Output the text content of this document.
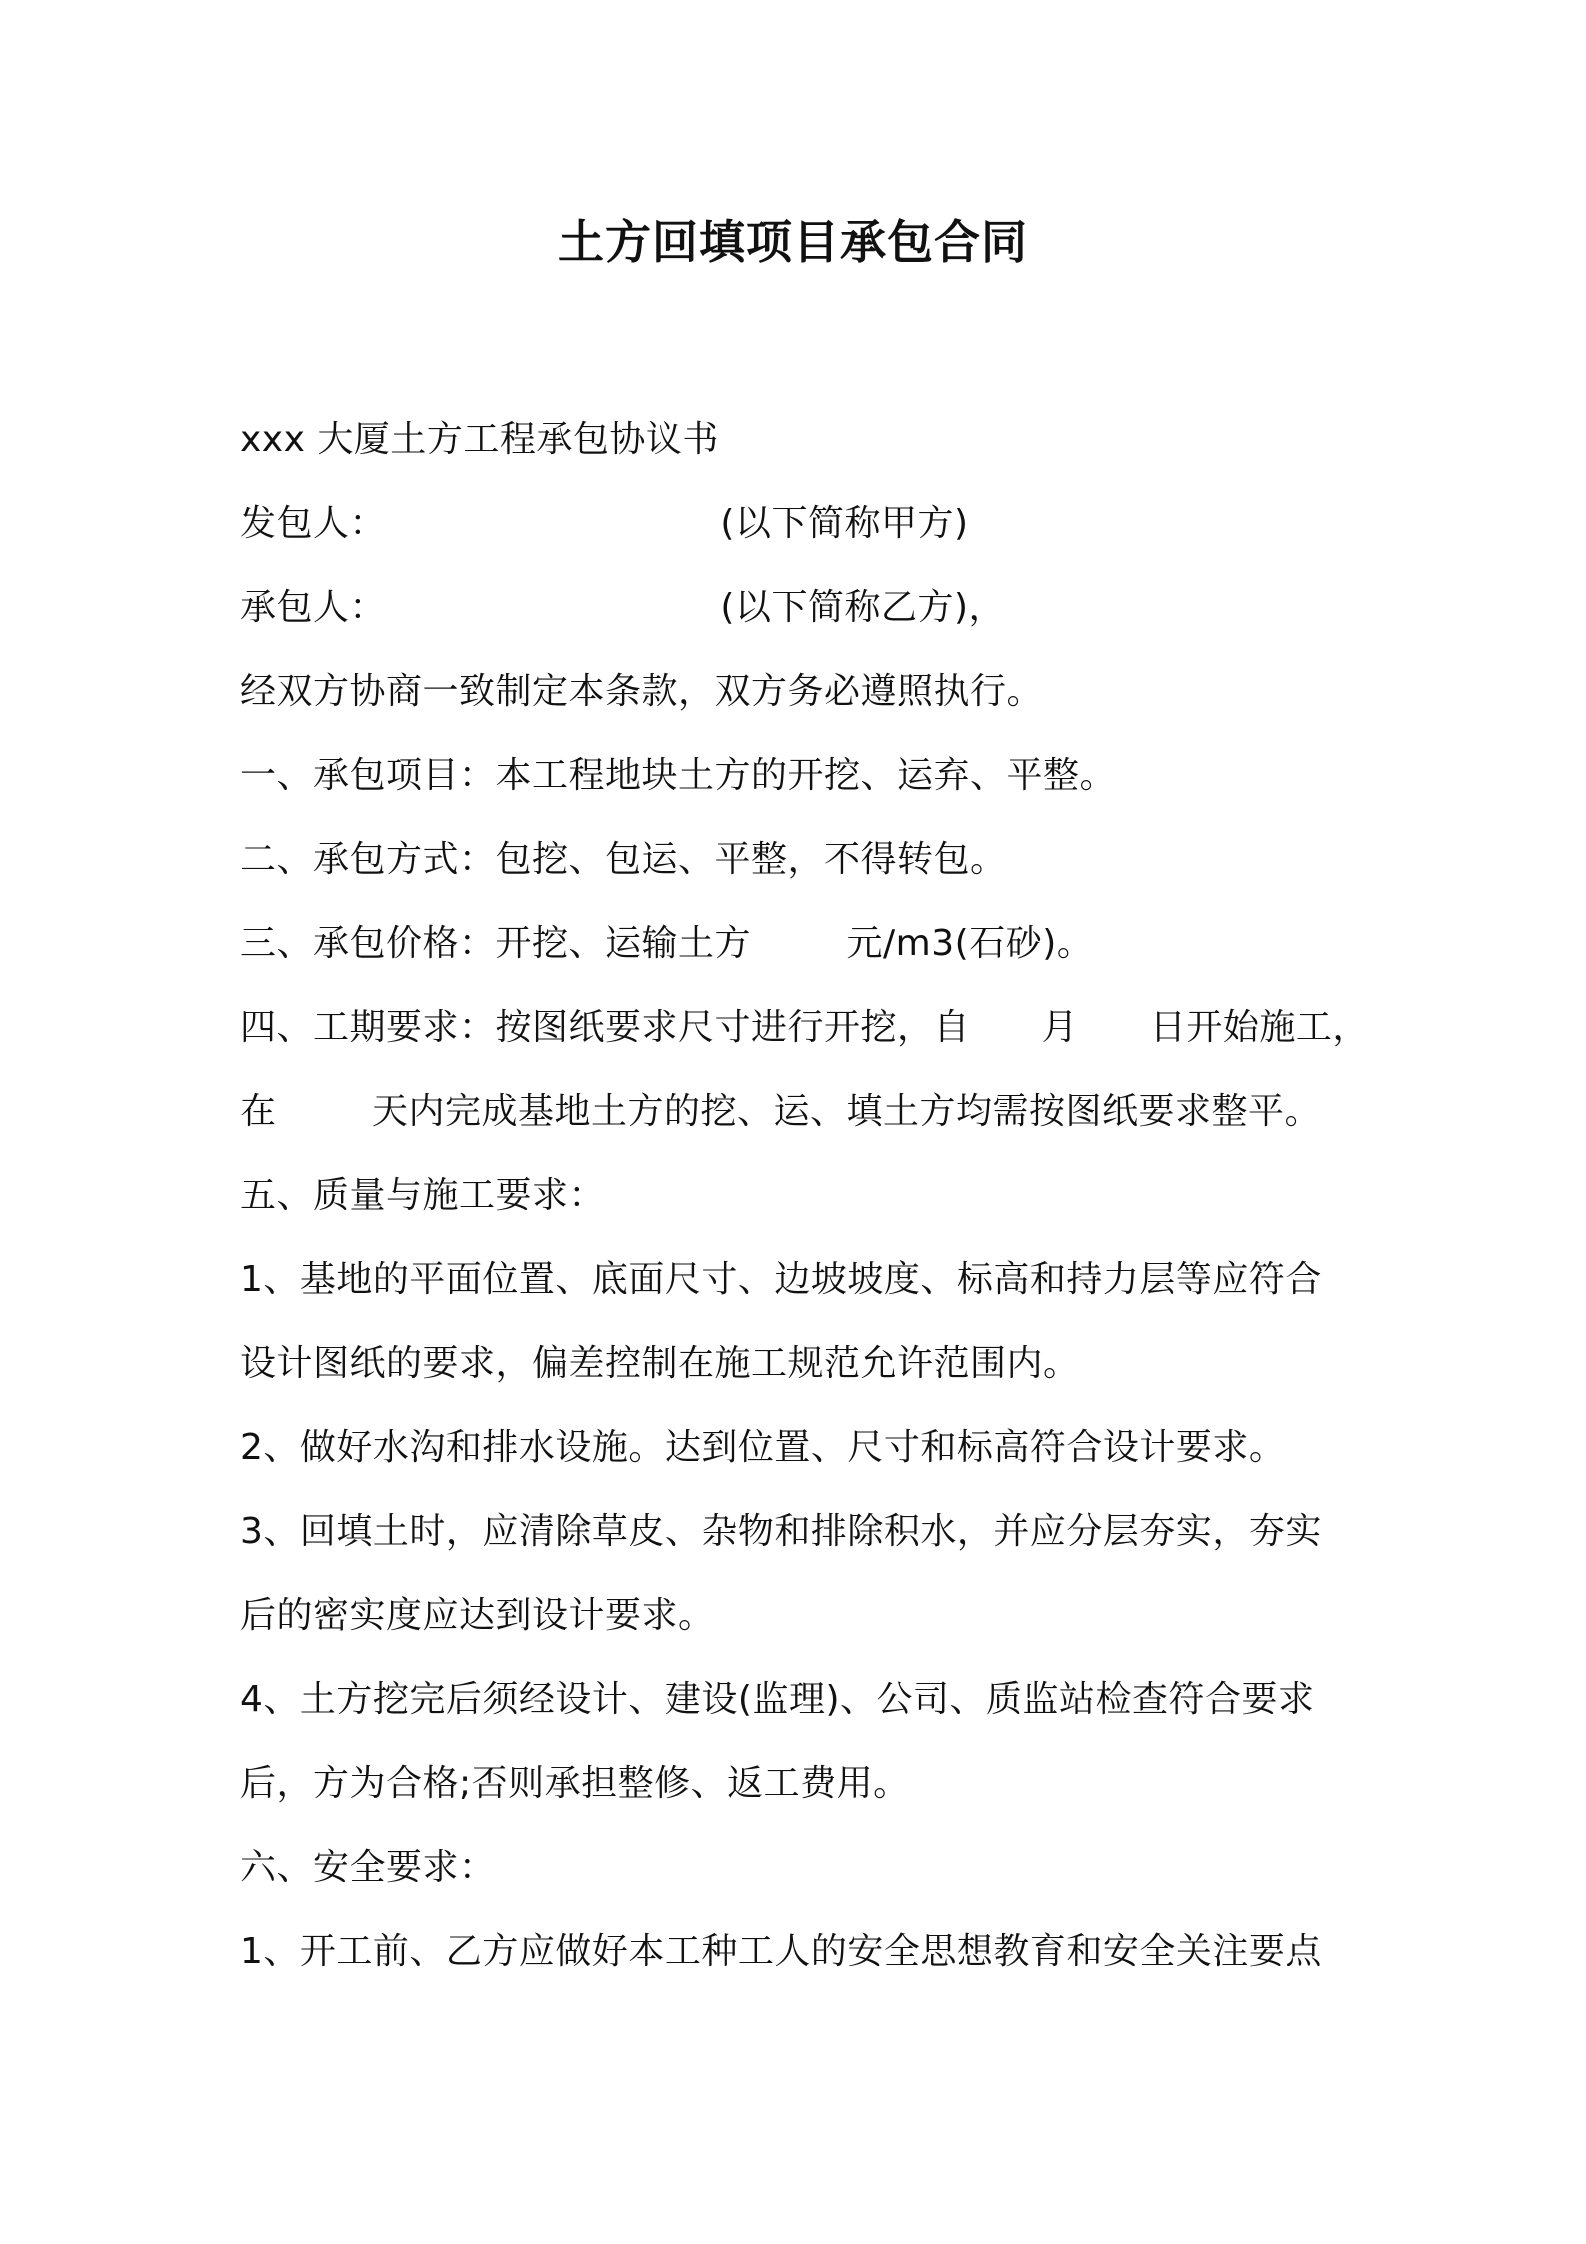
土方回填项目承包合同
xxx 大厦土方工程承包协议书
发包人：                            (以下简称甲方)
承包人：                            (以下简称乙方)，
经双方协商一致制定本条款，双方务必遵照执行。
一、承包项目：本工程地块土方的开挖、运弃、平整。
二、承包方式：包挖、包运、平整，不得转包。
三、承包价格：开挖、运输土方        元/m3(石砂)。
四、工期要求：按图纸要求尺寸进行开挖，自      月      日开始施工，
在        天内完成基地土方的挖、运、填土方均需按图纸要求整平。
五、质量与施工要求：
1、基地的平面位置、底面尺寸、边坡坡度、标高和持力层等应符合
设计图纸的要求，偏差控制在施工规范允许范围内。
2、做好水沟和排水设施。达到位置、尺寸和标高符合设计要求。
3、回填土时，应清除草皮、杂物和排除积水，并应分层夯实，夯实
后的密实度应达到设计要求。
4、土方挖完后须经设计、建设(监理)、公司、质监站检查符合要求
后，方为合格;否则承担整修、返工费用。
六、安全要求：
1、开工前、乙方应做好本工种工人的安全思想教育和安全关注要点
